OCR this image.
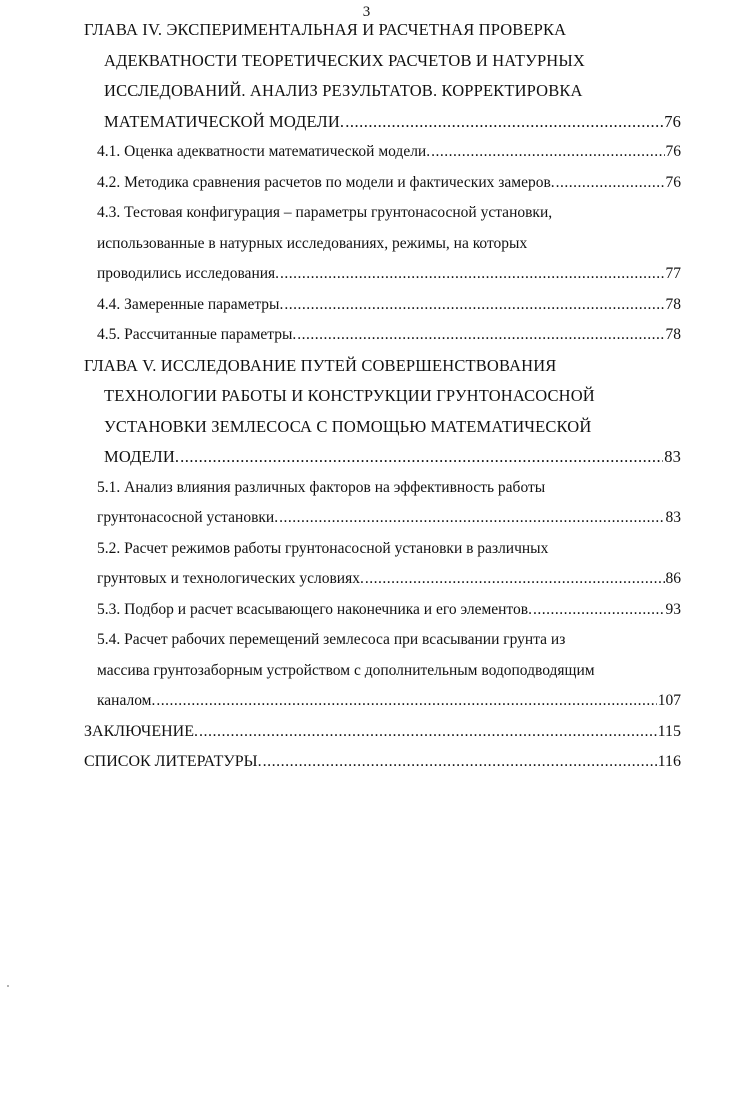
3
ГЛАВА IV. ЭКСПЕРИМЕНТАЛЬНАЯ И РАСЧЕТНАЯ ПРОВЕРКА
АДЕКВАТНОСТИ ТЕОРЕТИЧЕСКИХ РАСЧЕТОВ И НАТУРНЫХ
ИССЛЕДОВАНИЙ. АНАЛИЗ РЕЗУЛЬТАТОВ. КОРРЕКТИРОВКА
МАТЕМАТИЧЕСКОЙ МОДЕЛИ. .....	76
4.1. Оценка адекватности математической модели. .....	76
4.2. Методика сравнения расчетов по модели и фактических замеров. .....	76
4.3. Тестовая конфигурация – параметры грунтонасосной установки,
использованные в натурных исследованиях, режимы, на которых
проводились исследования. .....	77
4.4. Замеренные параметры. .....	78
4.5. Рассчитанные параметры. .....	78
ГЛАВА V. ИССЛЕДОВАНИЕ ПУТЕЙ СОВЕРШЕНСТВОВАНИЯ
ТЕХНОЛОГИИ РАБОТЫ И КОНСТРУКЦИИ ГРУНТОНАСОСНОЙ
УСТАНОВКИ ЗЕМЛЕСОСА С ПОМОЩЬЮ МАТЕМАТИЧЕСКОЙ
МОДЕЛИ. .....	83
5.1. Анализ влияния различных факторов на эффективность работы
грунтонасосной установки. .....	83
5.2. Расчет режимов работы грунтонасосной установки в различных
грунтовых и технологических условиях. .....	86
5.3. Подбор и расчет всасывающего наконечника и его элементов. .....	93
5.4. Расчет рабочих перемещений землесоса при всасывании грунта из
массива грунтозаборным устройством с дополнительным водоподводящим
каналом. .....	107
ЗАКЛЮЧЕНИЕ. .....	115
СПИСОК ЛИТЕРАТУРЫ. .....	116
